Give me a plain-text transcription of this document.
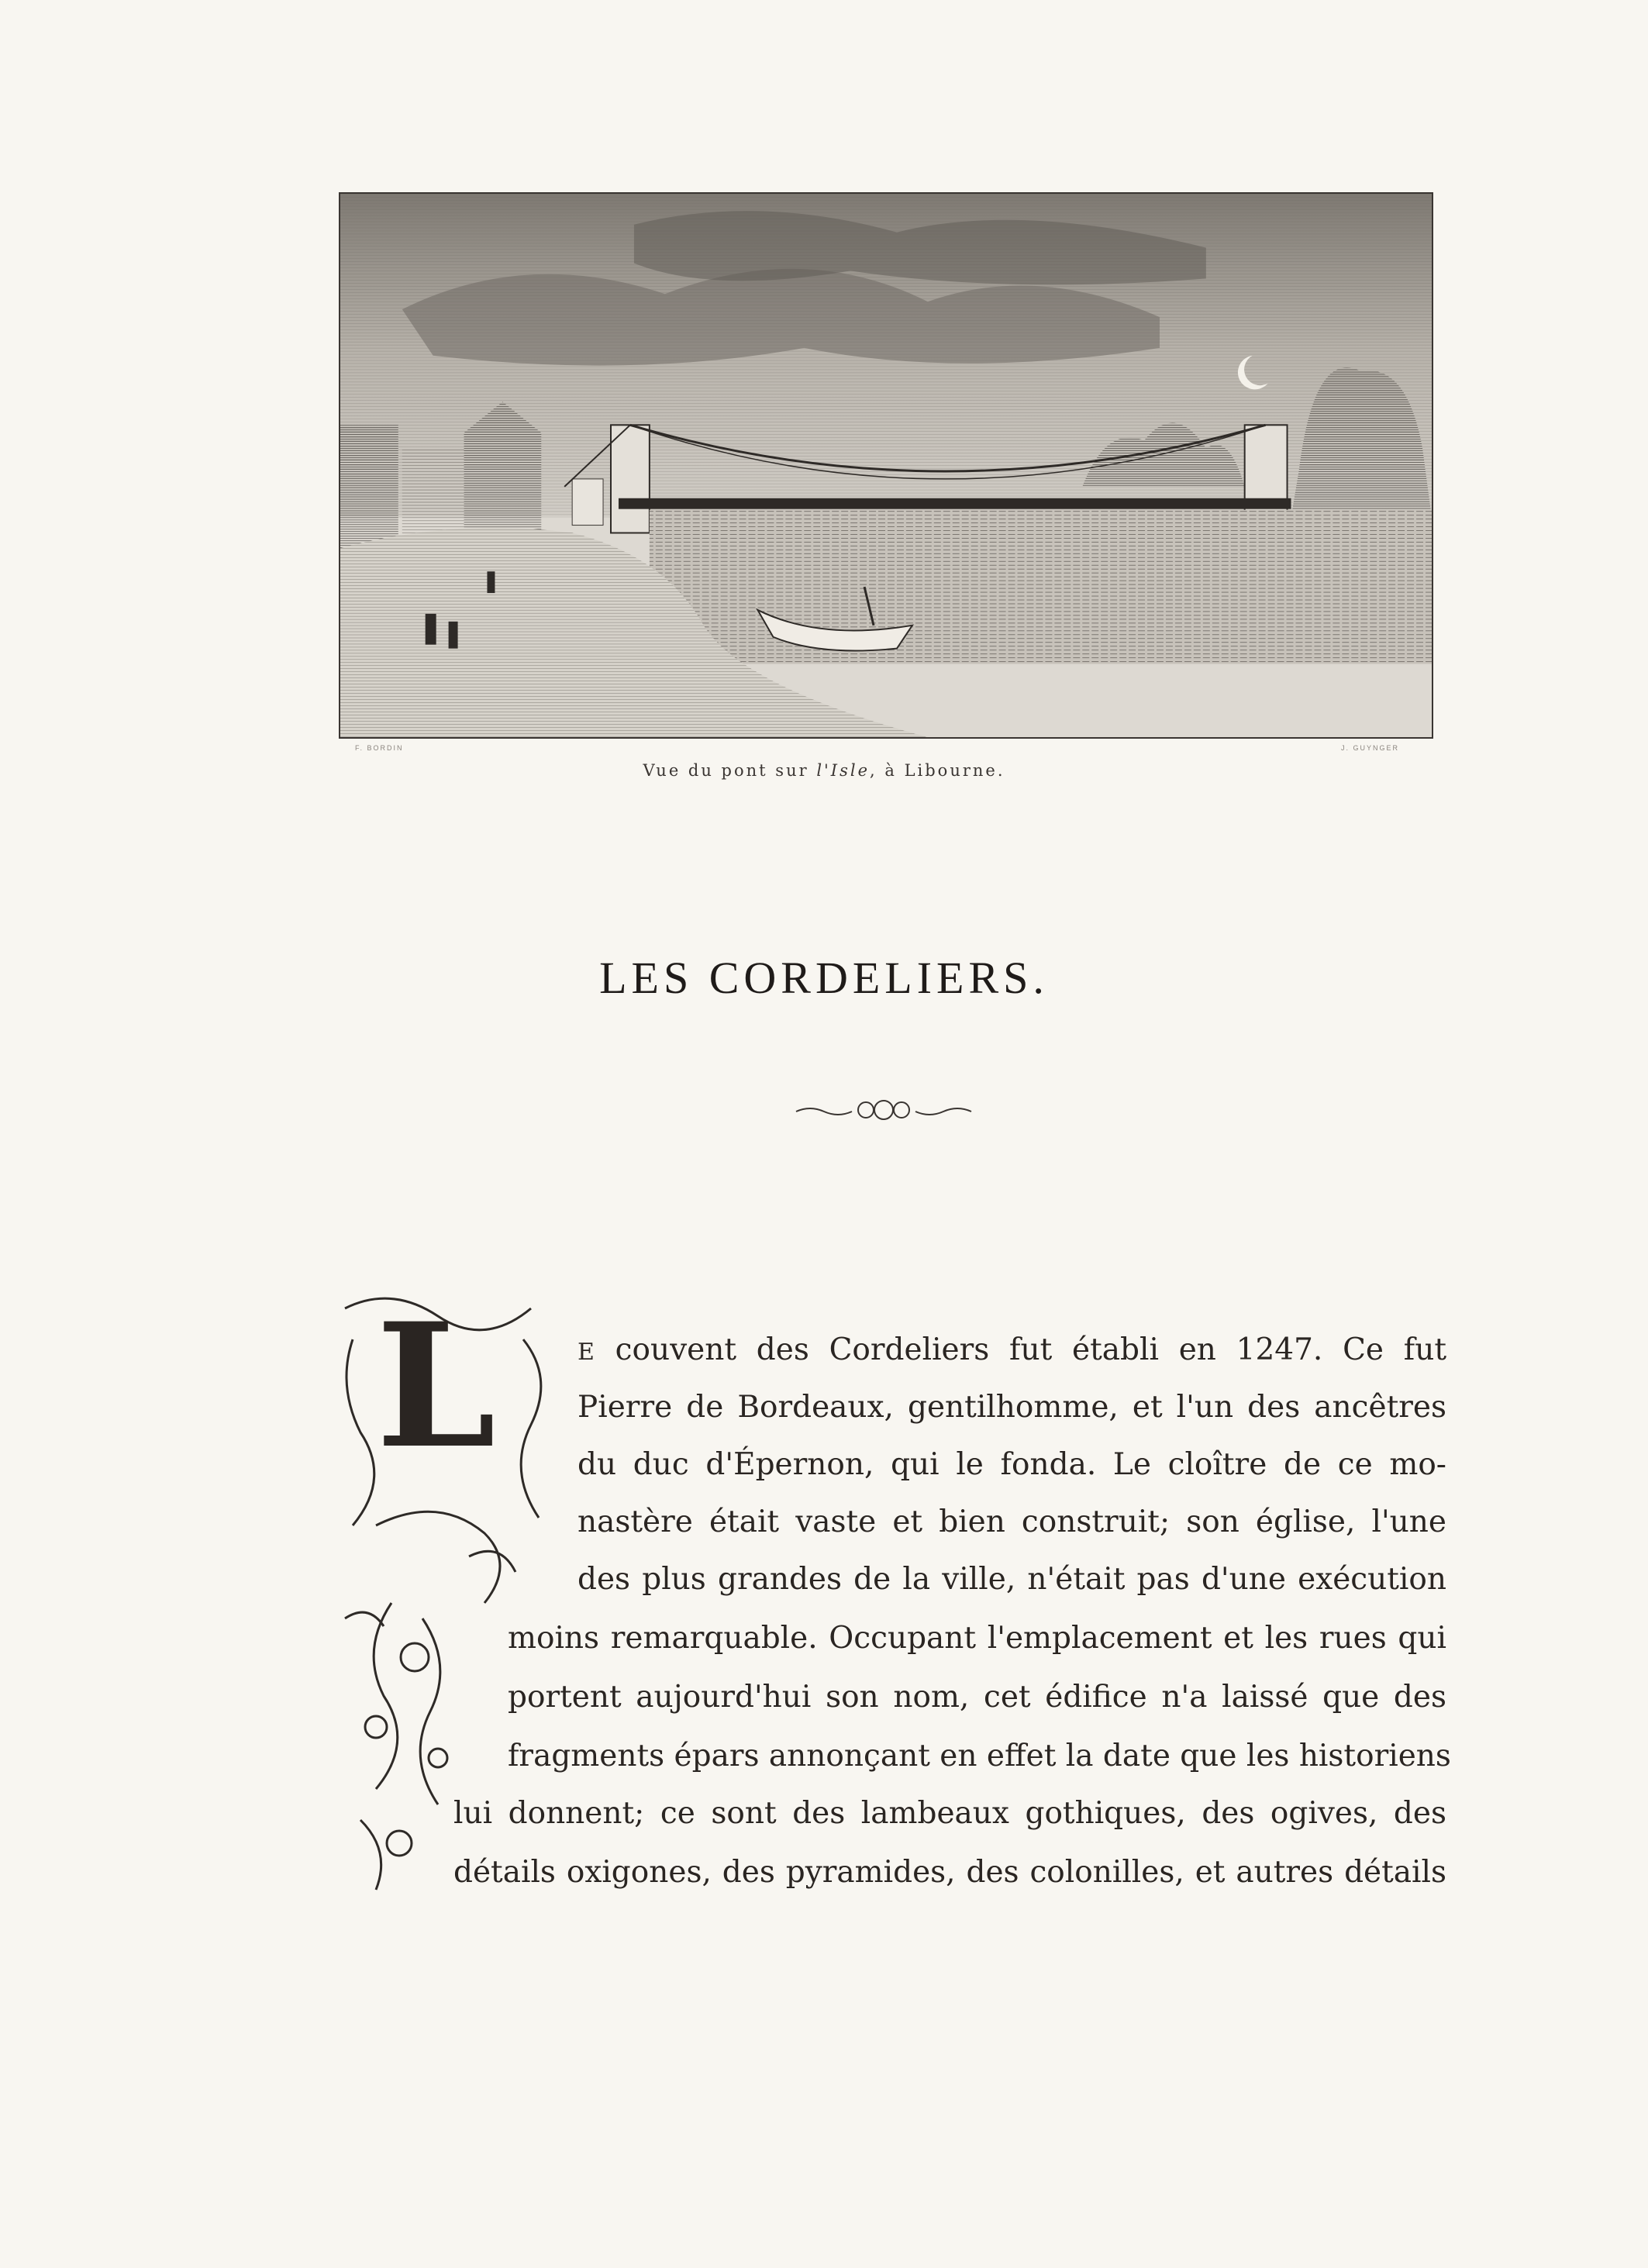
F. BORDIN	J. GUYNGER
Vue du pont sur l'Isle, à Libourne.
LES CORDELIERS.
L	E couvent des Cordeliers fut établi en 1247. Ce fut
Pierre de Bordeaux, gentilhomme, et l'un des ancêtres
du duc d'Épernon, qui le fonda. Le cloître de ce mo-
nastère était vaste et bien construit; son église, l'une
des plus grandes de la ville, n'était pas d'une exécution
moins remarquable. Occupant l'emplacement et les rues qui
portent aujourd'hui son nom, cet édifice n'a laissé que des
fragments épars annonçant en effet la date que les historiens
lui donnent; ce sont des lambeaux gothiques, des ogives, des
détails oxigones, des pyramides, des colonilles, et autres détails
